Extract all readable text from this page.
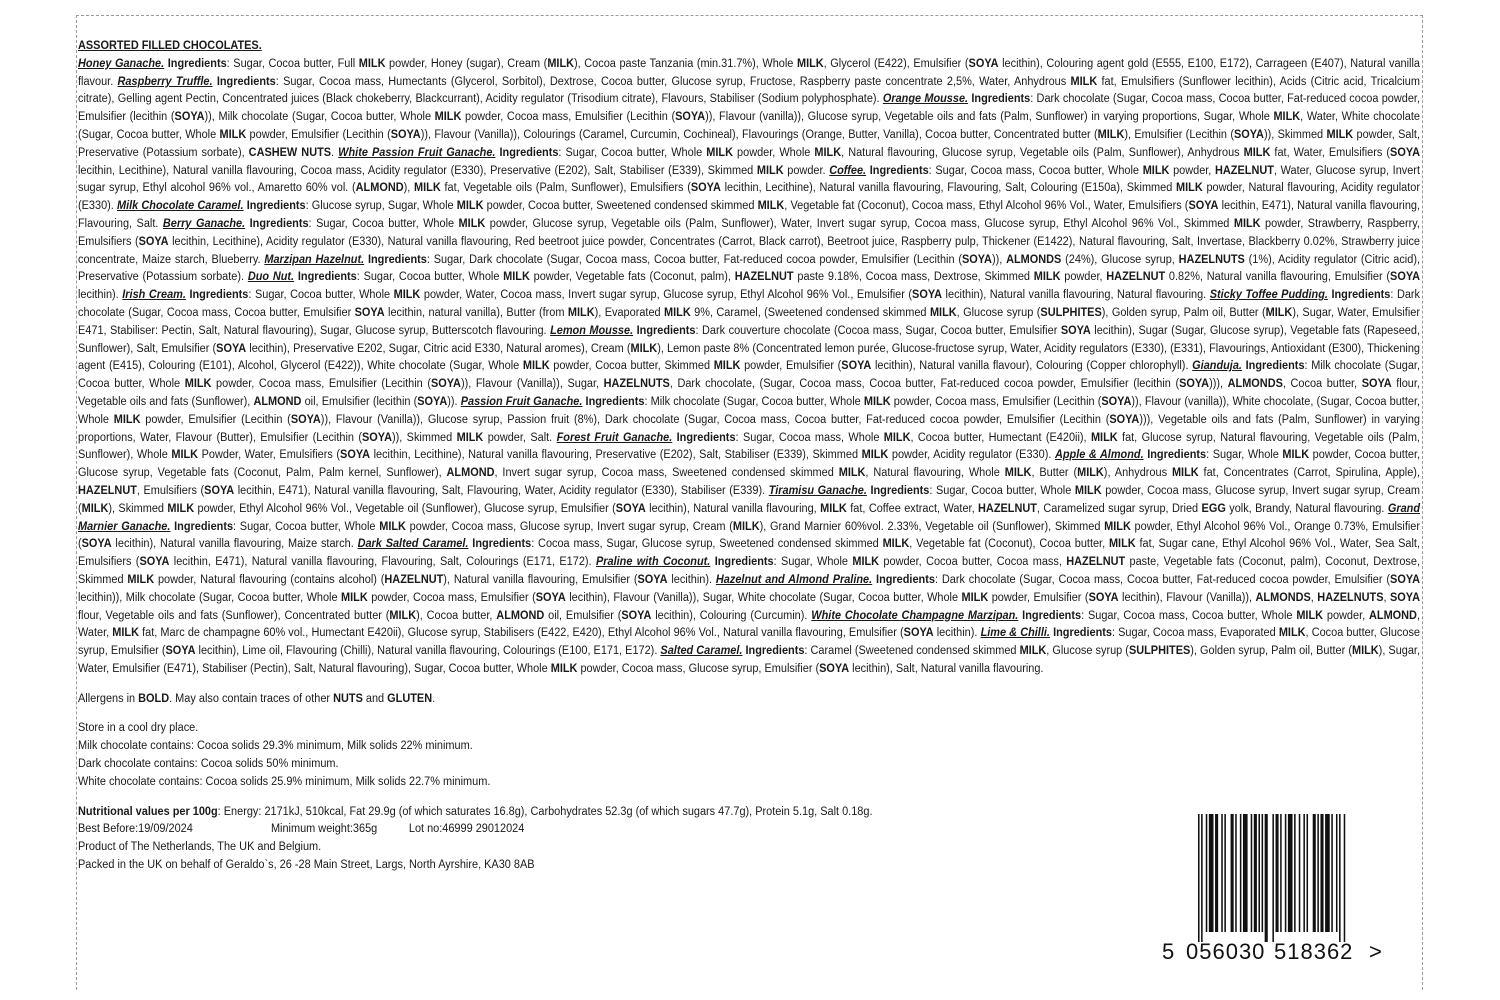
ASSORTED FILLED CHOCOLATES.
Honey Ganache. Ingredients: Sugar, Cocoa butter, Full MILK powder, Honey (sugar), Cream (MILK), Cocoa paste Tanzania (min.31.7%), Whole MILK, Glycerol (E422), Emulsifier (SOYA lecithin), Colouring agent gold (E555, E100, E172), Carrageen (E407), Natural vanilla flavour. Raspberry Truffle. Ingredients: Sugar, Cocoa mass, Humectants (Glycerol, Sorbitol), Dextrose, Cocoa butter, Glucose syrup, Fructose, Raspberry paste concentrate 2,5%, Water, Anhydrous MILK fat, Emulsifiers (Sunflower lecithin), Acids (Citric acid, Tricalcium citrate), Gelling agent Pectin, Concentrated juices (Black chokeberry, Blackcurrant), Acidity regulator (Trisodium citrate), Flavours, Stabiliser (Sodium polyphosphate). Orange Mousse. Ingredients: Dark chocolate (Sugar, Cocoa mass, Cocoa butter, Fat-reduced cocoa powder, Emulsifier (lecithin (SOYA)), Milk chocolate (Sugar, Cocoa butter, Whole MILK powder, Cocoa mass, Emulsifier (Lecithin (SOYA)), Flavour (vanilla)), Glucose syrup, Vegetable oils and fats (Palm, Sunflower) in varying proportions, Sugar, Whole MILK, Water, White chocolate (Sugar, Cocoa butter, Whole MILK powder, Emulsifier (Lecithin (SOYA)), Flavour (Vanilla)), Colourings (Caramel, Curcumin, Cochineal), Flavourings (Orange, Butter, Vanilla), Cocoa butter, Concentrated butter (MILK), Emulsifier (Lecithin (SOYA)), Skimmed MILK powder, Salt, Preservative (Potassium sorbate), CASHEW NUTS. White Passion Fruit Ganache. Ingredients: Sugar, Cocoa butter, Whole MILK powder, Whole MILK, Natural flavouring, Glucose syrup, Vegetable oils (Palm, Sunflower), Anhydrous MILK fat, Water, Emulsifiers (SOYA lecithin, Lecithine), Natural vanilla flavouring, Cocoa mass, Acidity regulator (E330), Preservative (E202), Salt, Stabiliser (E339), Skimmed MILK powder. Coffee. Ingredients: Sugar, Cocoa mass, Cocoa butter, Whole MILK powder, HAZELNUT, Water, Glucose syrup, Invert sugar syrup, Ethyl alcohol 96% vol., Amaretto 60% vol. (ALMOND), MILK fat, Vegetable oils (Palm, Sunflower), Emulsifiers (SOYA lecithin, Lecithine), Natural vanilla flavouring, Flavouring, Salt, Colouring (E150a), Skimmed MILK powder, Natural flavouring, Acidity regulator (E330). Milk Chocolate Caramel. Ingredients: Glucose syrup, Sugar, Whole MILK powder, Cocoa butter, Sweetened condensed skimmed MILK, Vegetable fat (Coconut), Cocoa mass, Ethyl Alcohol 96% Vol., Water, Emulsifiers (SOYA lecithin, E471), Natural vanilla flavouring, Flavouring, Salt. Berry Ganache. Ingredients: Sugar, Cocoa butter, Whole MILK powder, Glucose syrup, Vegetable oils (Palm, Sunflower), Water, Invert sugar syrup, Cocoa mass, Glucose syrup, Ethyl Alcohol 96% Vol., Skimmed MILK powder, Strawberry, Raspberry, Emulsifiers (SOYA lecithin, Lecithine), Acidity regulator (E330), Natural vanilla flavouring, Red beetroot juice powder, Concentrates (Carrot, Black carrot), Beetroot juice, Raspberry pulp, Thickener (E1422), Natural flavouring, Salt, Invertase, Blackberry 0.02%, Strawberry juice concentrate, Maize starch, Blueberry. Marzipan Hazelnut. Ingredients: Sugar, Dark chocolate (Sugar, Cocoa mass, Cocoa butter, Fat-reduced cocoa powder, Emulsifier (Lecithin (SOYA)), ALMONDS (24%), Glucose syrup, HAZELNUTS (1%), Acidity regulator (Citric acid), Preservative (Potassium sorbate). Duo Nut. Ingredients: Sugar, Cocoa butter, Whole MILK powder, Vegetable fats (Coconut, palm), HAZELNUT paste 9.18%, Cocoa mass, Dextrose, Skimmed MILK powder, HAZELNUT 0.82%, Natural vanilla flavouring, Emulsifier (SOYA lecithin). Irish Cream. Ingredients: Sugar, Cocoa butter, Whole MILK powder, Water, Cocoa mass, Invert sugar syrup, Glucose syrup, Ethyl Alcohol 96% Vol., Emulsifier (SOYA lecithin), Natural vanilla flavouring, Natural flavouring. Sticky Toffee Pudding. Ingredients: Dark chocolate (Sugar, Cocoa mass, Cocoa butter, Emulsifier SOYA lecithin, natural vanilla), Butter (from MILK), Evaporated MILK 9%, Caramel, (Sweetened condensed skimmed MILK, Glucose syrup (SULPHITES), Golden syrup, Palm oil, Butter (MILK), Sugar, Water, Emulsifier E471, Stabiliser: Pectin, Salt, Natural flavouring), Sugar, Glucose syrup, Butterscotch flavouring. Lemon Mousse. Ingredients: Dark couverture chocolate (Cocoa mass, Sugar, Cocoa butter, Emulsifier SOYA lecithin), Sugar (Sugar, Glucose syrup), Vegetable fats (Rapeseed, Sunflower), Salt, Emulsifier (SOYA lecithin), Preservative E202, Sugar, Citric acid E330, Natural aromes), Cream (MILK), Lemon paste 8% (Concentrated lemon purée, Glucose-fructose syrup, Water, Acidity regulators (E330), (E331), Flavourings, Antioxidant (E300), Thickening agent (E415), Colouring (E101), Alcohol, Glycerol (E422)), White chocolate (Sugar, Whole MILK powder, Cocoa butter, Skimmed MILK powder, Emulsifier (SOYA lecithin), Natural vanilla flavour), Colouring (Copper chlorophyll). Gianduja. Ingredients: Milk chocolate (Sugar, Cocoa butter, Whole MILK powder, Cocoa mass, Emulsifier (Lecithin (SOYA)), Flavour (Vanilla)), Sugar, HAZELNUTS, Dark chocolate, (Sugar, Cocoa mass, Cocoa butter, Fat-reduced cocoa powder, Emulsifier (lecithin (SOYA))), ALMONDS, Cocoa butter, SOYA flour, Vegetable oils and fats (Sunflower), ALMOND oil, Emulsifier (lecithin (SOYA)). Passion Fruit Ganache. Ingredients: Milk chocolate (Sugar, Cocoa butter, Whole MILK powder, Cocoa mass, Emulsifier (Lecithin (SOYA)), Flavour (vanilla)), White chocolate, (Sugar, Cocoa butter, Whole MILK powder, Emulsifier (Lecithin (SOYA)), Flavour (Vanilla)), Glucose syrup, Passion fruit (8%), Dark chocolate (Sugar, Cocoa mass, Cocoa butter, Fat-reduced cocoa powder, Emulsifier (Lecithin (SOYA))), Vegetable oils and fats (Palm, Sunflower) in varying proportions, Water, Flavour (Butter), Emulsifier (Lecithin (SOYA)), Skimmed MILK powder, Salt. Forest Fruit Ganache. Ingredients: Sugar, Cocoa mass, Whole MILK, Cocoa butter, Humectant (E420ii), MILK fat, Glucose syrup, Natural flavouring, Vegetable oils (Palm, Sunflower), Whole MILK Powder, Water, Emulsifiers (SOYA lecithin, Lecithine), Natural vanilla flavouring, Preservative (E202), Salt, Stabiliser (E339), Skimmed MILK powder, Acidity regulator (E330). Apple & Almond. Ingredients: Sugar, Whole MILK powder, Cocoa butter, Glucose syrup, Vegetable fats (Coconut, Palm, Palm kernel, Sunflower), ALMOND, Invert sugar syrup, Cocoa mass, Sweetened condensed skimmed MILK, Natural flavouring, Whole MILK, Butter (MILK), Anhydrous MILK fat, Concentrates (Carrot, Spirulina, Apple), HAZELNUT, Emulsifiers (SOYA lecithin, E471), Natural vanilla flavouring, Salt, Flavouring, Water, Acidity regulator (E330), Stabiliser (E339). Tiramisu Ganache. Ingredients: Sugar, Cocoa butter, Whole MILK powder, Cocoa mass, Glucose syrup, Invert sugar syrup, Cream (MILK), Skimmed MILK powder, Ethyl Alcohol 96% Vol., Vegetable oil (Sunflower), Glucose syrup, Emulsifier (SOYA lecithin), Natural vanilla flavouring, MILK fat, Coffee extract, Water, HAZELNUT, Caramelized sugar syrup, Dried EGG yolk, Brandy, Natural flavouring. Grand Marnier Ganache. Ingredients: Sugar, Cocoa butter, Whole MILK powder, Cocoa mass, Glucose syrup, Invert sugar syrup, Cream (MILK), Grand Marnier 60%vol. 2.33%, Vegetable oil (Sunflower), Skimmed MILK powder, Ethyl Alcohol 96% Vol., Orange 0.73%, Emulsifier (SOYA lecithin), Natural vanilla flavouring, Maize starch. Dark Salted Caramel. Ingredients: Cocoa mass, Sugar, Glucose syrup, Sweetened condensed skimmed MILK, Vegetable fat (Coconut), Cocoa butter, MILK fat, Sugar cane, Ethyl Alcohol 96% Vol., Water, Sea Salt, Emulsifiers (SOYA lecithin, E471), Natural vanilla flavouring, Flavouring, Salt, Colourings (E171, E172). Praline with Coconut. Ingredients: Sugar, Whole MILK powder, Cocoa butter, Cocoa mass, HAZELNUT paste, Vegetable fats (Coconut, palm), Coconut, Dextrose, Skimmed MILK powder, Natural flavouring (contains alcohol) (HAZELNUT), Natural vanilla flavouring, Emulsifier (SOYA lecithin). Hazelnut and Almond Praline. Ingredients: Dark chocolate (Sugar, Cocoa mass, Cocoa butter, Fat-reduced cocoa powder, Emulsifier (SOYA lecithin)), Milk chocolate (Sugar, Cocoa butter, Whole MILK powder, Cocoa mass, Emulsifier (SOYA lecithin), Flavour (Vanilla)), Sugar, White chocolate (Sugar, Cocoa butter, Whole MILK powder, Emulsifier (SOYA lecithin), Flavour (Vanilla)), ALMONDS, HAZELNUTS, SOYA flour, Vegetable oils and fats (Sunflower), Concentrated butter (MILK), Cocoa butter, ALMOND oil, Emulsifier (SOYA lecithin), Colouring (Curcumin). White Chocolate Champagne Marzipan. Ingredients: Sugar, Cocoa mass, Cocoa butter, Whole MILK powder, ALMOND, Water, MILK fat, Marc de champagne 60% vol., Humectant E420ii), Glucose syrup, Stabilisers (E422, E420), Ethyl Alcohol 96% Vol., Natural vanilla flavouring, Emulsifier (SOYA lecithin). Lime & Chilli. Ingredients: Sugar, Cocoa mass, Evaporated MILK, Cocoa butter, Glucose syrup, Emulsifier (SOYA lecithin), Lime oil, Flavouring (Chilli), Natural vanilla flavouring, Colourings (E100, E171, E172). Salted Caramel. Ingredients: Caramel (Sweetened condensed skimmed MILK, Glucose syrup (SULPHITES), Golden syrup, Palm oil, Butter (MILK), Sugar, Water, Emulsifier (E471), Stabiliser (Pectin), Salt, Natural flavouring), Sugar, Cocoa butter, Whole MILK powder, Cocoa mass, Glucose syrup, Emulsifier (SOYA lecithin), Salt, Natural vanilla flavouring.

Allergens in BOLD. May also contain traces of other NUTS and GLUTEN.

Store in a cool dry place.

Milk chocolate contains: Cocoa solids 29.3% minimum, Milk solids 22% minimum.

Dark chocolate contains: Cocoa solids 50% minimum.

White chocolate contains: Cocoa solids 25.9% minimum, Milk solids 22.7% minimum.

Nutritional values per 100g: Energy: 2171kJ, 510kcal, Fat 29.9g (of which saturates 16.8g), Carbohydrates 52.3g (of which sugars 47.7g), Protein 5.1g, Salt 0.18g.

Best Before:19/09/2024	Minimum weight:365g	Lot no:46999 29012024

Product of The Netherlands, The UK and Belgium.

Packed in the UK on behalf of Geraldo`s, 26 -28 Main Street, Largs, North Ayrshire, KA30 8AB

5 056030 518362 >
